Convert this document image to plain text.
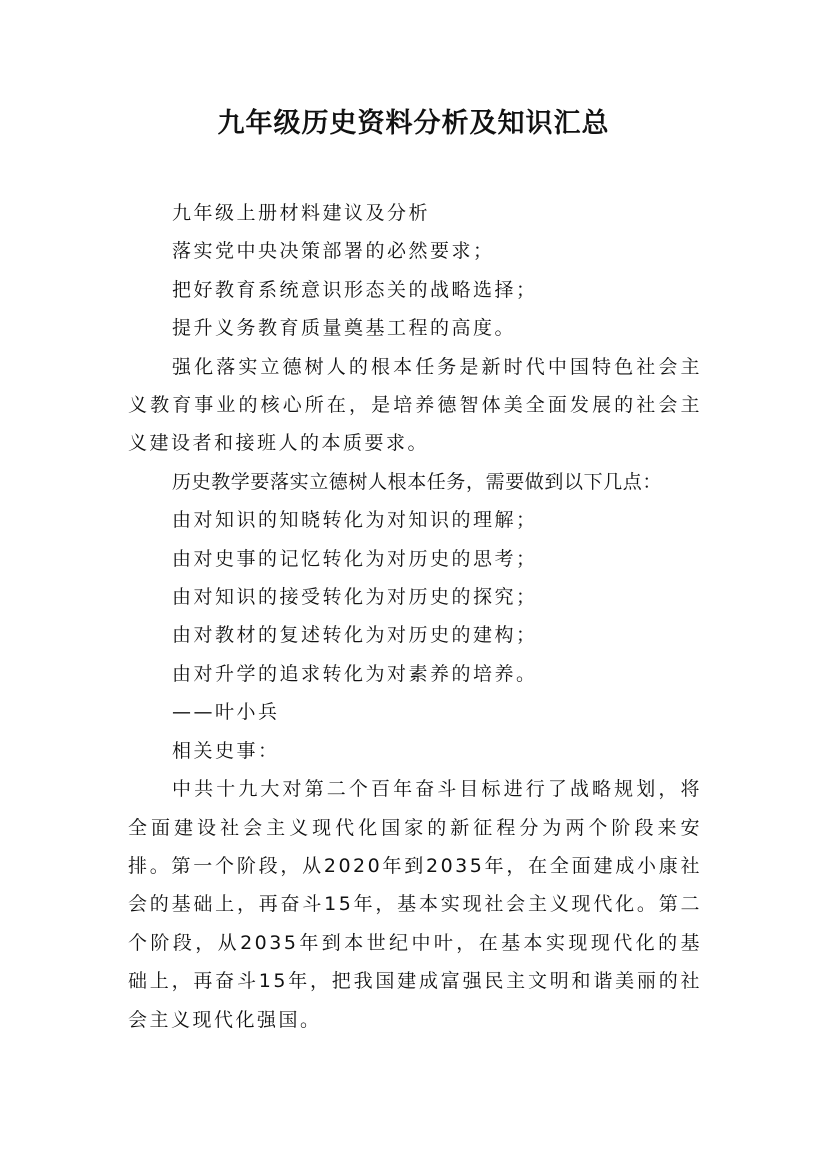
九年级历史资料分析及知识汇总

九年级上册材料建议及分析

落实党中央决策部署的必然要求；

把好教育系统意识形态关的战略选择；

提升义务教育质量奠基工程的高度。

强化落实立德树人的根本任务是新时代中国特色社会主义教育事业的核心所在，是培养德智体美全面发展的社会主义建设者和接班人的本质要求。

历史教学要落实立德树人根本任务，需要做到以下几点：

由对知识的知晓转化为对知识的理解；

由对史事的记忆转化为对历史的思考；

由对知识的接受转化为对历史的探究；

由对教材的复述转化为对历史的建构；

由对升学的追求转化为对素养的培养。

——叶小兵

相关史事：

中共十九大对第二个百年奋斗目标进行了战略规划，将全面建设社会主义现代化国家的新征程分为两个阶段来安排。第一个阶段，从2020年到2035年，在全面建成小康社会的基础上，再奋斗15年，基本实现社会主义现代化。第二个阶段，从2035年到本世纪中叶，在基本实现现代化的基础上，再奋斗15年，把我国建成富强民主文明和谐美丽的社会主义现代化强国。
